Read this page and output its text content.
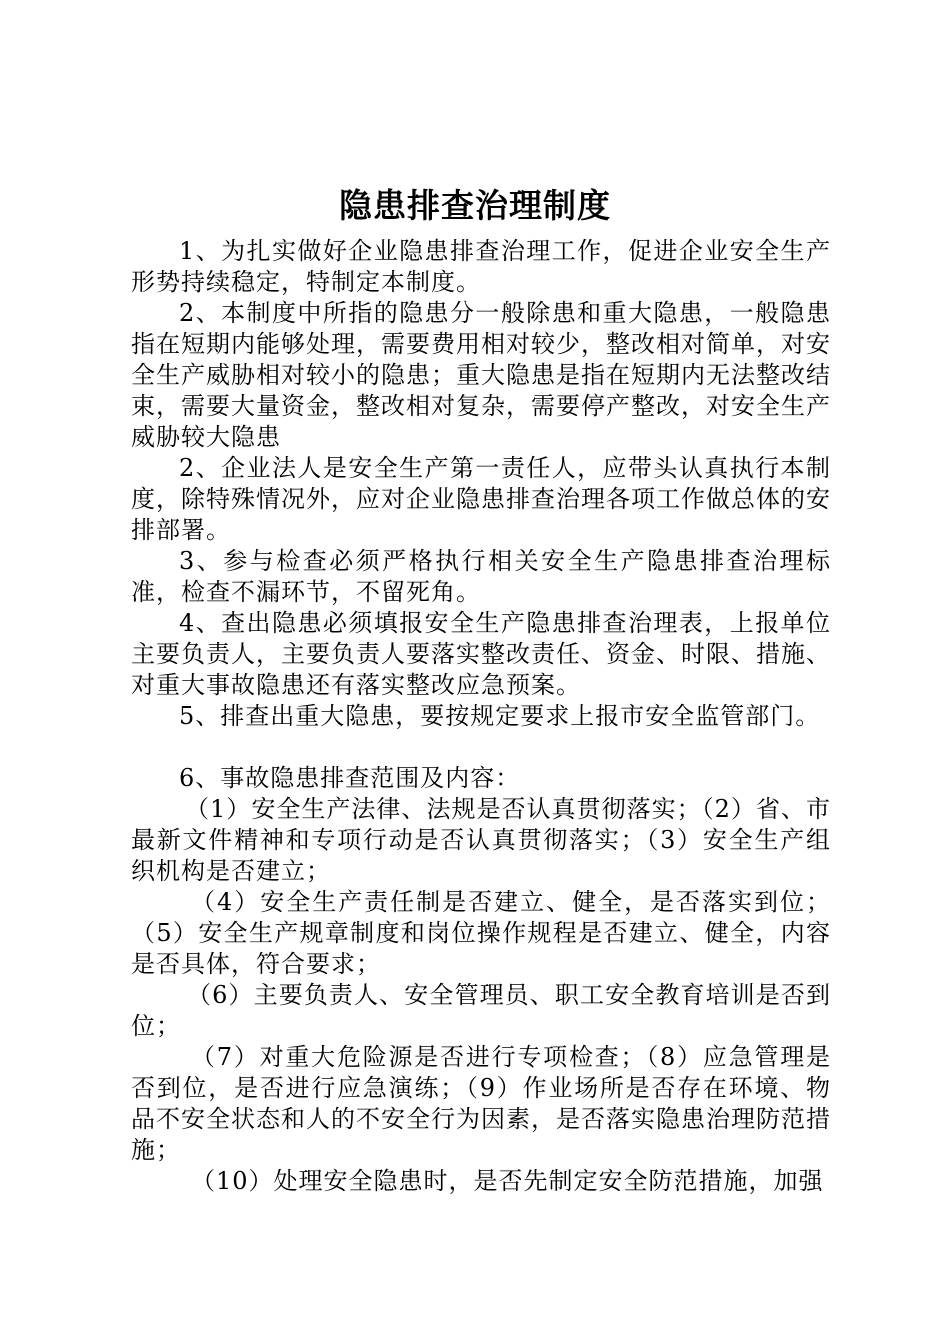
隐患排查治理制度

1、为扎实做好企业隐患排查治理工作，促进企业安全生产形势持续稳定，特制定本制度。

2、本制度中所指的隐患分一般除患和重大隐患，一般隐患指在短期内能够处理，需要费用相对较少，整改相对简单，对安全生产威胁相对较小的隐患；重大隐患是指在短期内无法整改结束，需要大量资金，整改相对复杂，需要停产整改，对安全生产威胁较大隐患

2、企业法人是安全生产第一责任人，应带头认真执行本制度，除特殊情况外，应对企业隐患排查治理各项工作做总体的安排部署。

3、参与检查必须严格执行相关安全生产隐患排查治理标准，检查不漏环节，不留死角。

4、查出隐患必须填报安全生产隐患排查治理表，上报单位主要负责人，主要负责人要落实整改责任、资金、时限、措施、对重大事故隐患还有落实整改应急预案。

5、排查出重大隐患，要按规定要求上报市安全监管部门。

6、事故隐患排查范围及内容：

（1）安全生产法律、法规是否认真贯彻落实；（2）省、市最新文件精神和专项行动是否认真贯彻落实；（3）安全生产组织机构是否建立；

（4）安全生产责任制是否建立、健全，是否落实到位；（5）安全生产规章制度和岗位操作规程是否建立、健全，内容是否具体，符合要求；

（6）主要负责人、安全管理员、职工安全教育培训是否到位；

（7）对重大危险源是否进行专项检查；（8）应急管理是否到位，是否进行应急演练；（9）作业场所是否存在环境、物品不安全状态和人的不安全行为因素，是否落实隐患治理防范措施；

（10）处理安全隐患时，是否先制定安全防范措施，加强
